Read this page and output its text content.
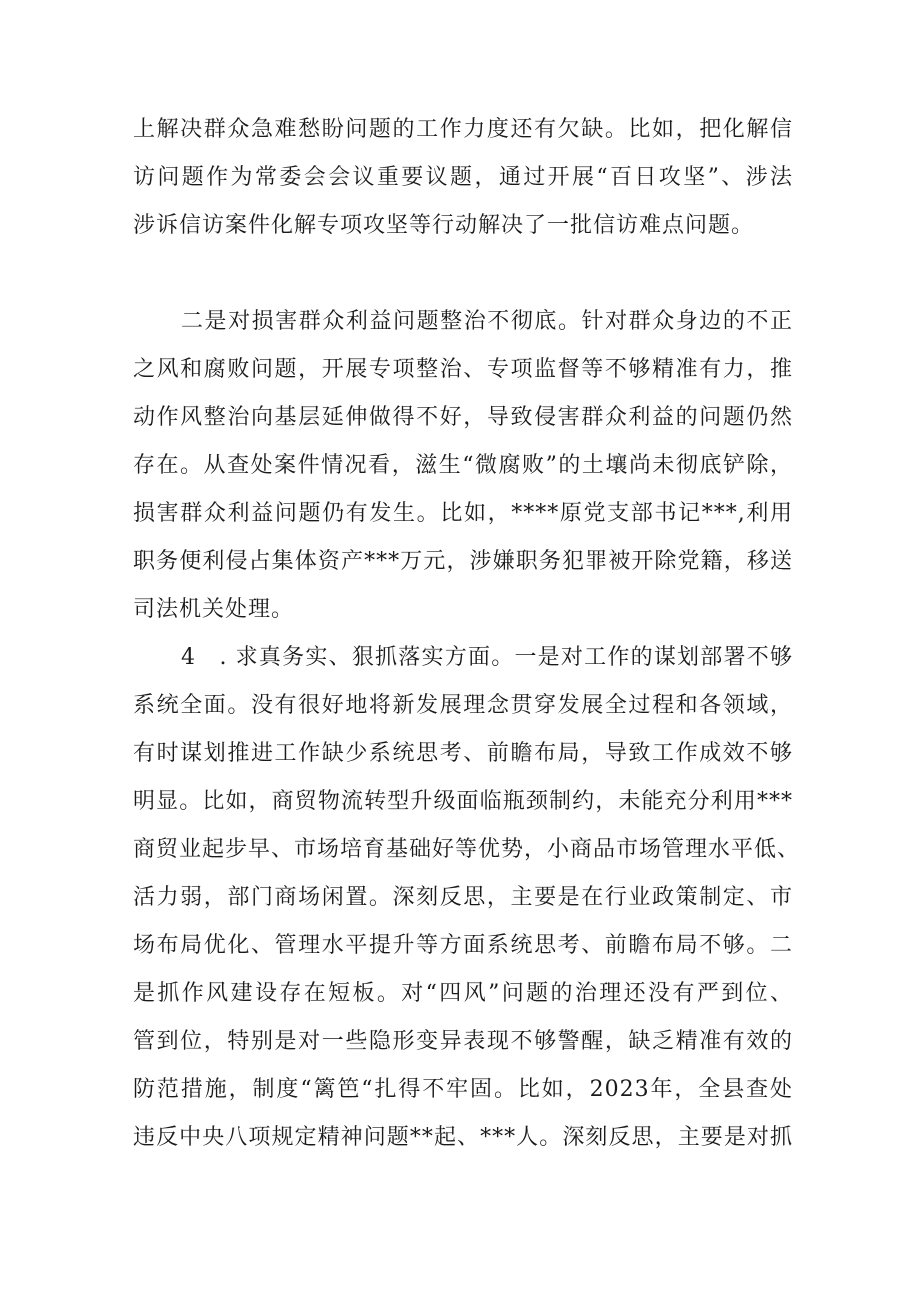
上解决群众急难愁盼问题的工作力度还有欠缺。比如，把化解信
访问题作为常委会会议重要议题，通过开展“百日攻坚”、涉法
涉诉信访案件化解专项攻坚等行动解决了一批信访难点问题。
二是对损害群众利益问题整治不彻底。针对群众身边的不正
之风和腐败问题，开展专项整治、专项监督等不够精准有力，推
动作风整治向基层延伸做得不好，导致侵害群众利益的问题仍然
存在。从查处案件情况看，滋生“微腐败”的土壤尚未彻底铲除，
损害群众利益问题仍有发生。比如，****原党支部书记***,利用
职务便利侵占集体资产***万元，涉嫌职务犯罪被开除党籍，移送
司法机关处理。
4　. 求真务实、狠抓落实方面。一是对工作的谋划部署不够
系统全面。没有很好地将新发展理念贯穿发展全过程和各领域，
有时谋划推进工作缺少系统思考、前瞻布局，导致工作成效不够
明显。比如，商贸物流转型升级面临瓶颈制约，未能充分利用***
商贸业起步早、市场培育基础好等优势，小商品市场管理水平低、
活力弱，部门商场闲置。深刻反思，主要是在行业政策制定、市
场布局优化、管理水平提升等方面系统思考、前瞻布局不够。二
是抓作风建设存在短板。对“四风”问题的治理还没有严到位、
管到位，特别是对一些隐形变异表现不够警醒，缺乏精准有效的
防范措施，制度“篱笆“扎得不牢固。比如，2023年，全县查处
违反中央八项规定精神问题**起、***人。深刻反思，主要是对抓
